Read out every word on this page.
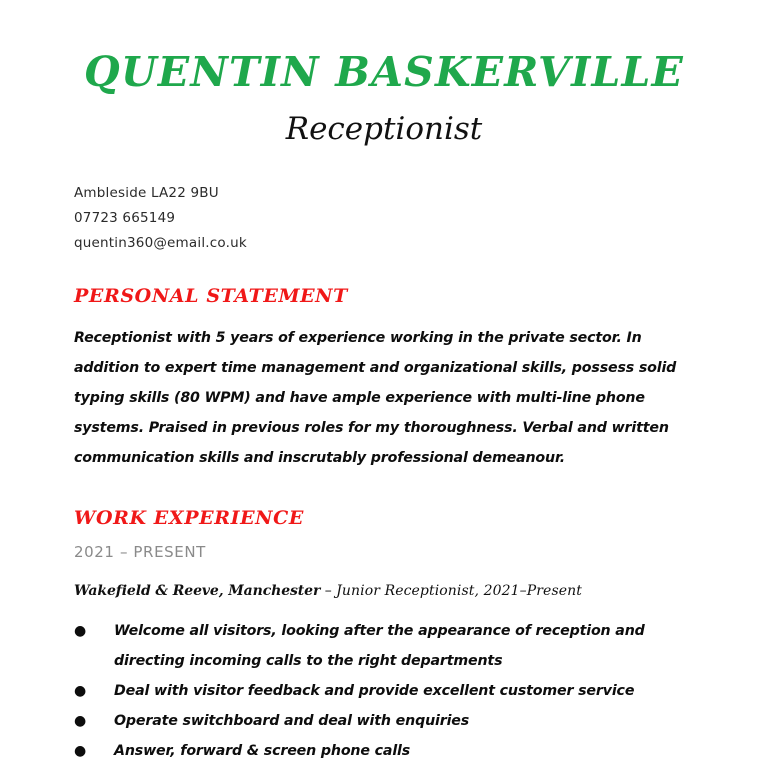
QUENTIN BASKERVILLE
Receptionist
Ambleside LA22 9BU
07723 665149
quentin360@email.co.uk
PERSONAL STATEMENT
Receptionist with 5 years of experience working in the private sector. In addition to expert time management and organizational skills, possess solid typing skills (80 WPM) and have ample experience with multi-line phone systems. Praised in previous roles for my thoroughness. Verbal and written communication skills and inscrutably professional demeanour.
WORK EXPERIENCE
2021 – PRESENT
Wakefield & Reeve, Manchester – Junior Receptionist, 2021–Present
● Welcome all visitors, looking after the appearance of reception and directing incoming calls to the right departments
● Deal with visitor feedback and provide excellent customer service
● Operate switchboard and deal with enquiries
● Answer, forward & screen phone calls
